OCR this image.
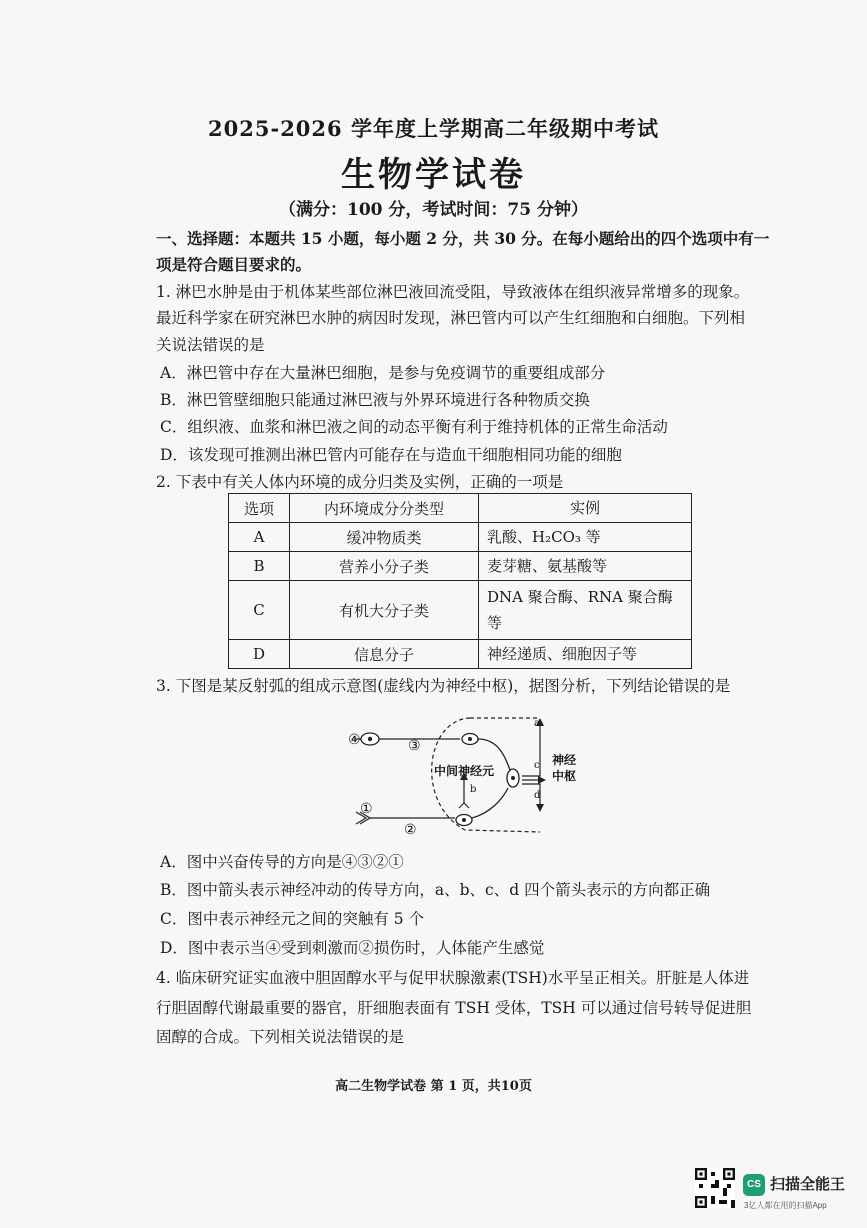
2025-2026 学年度上学期高二年级期中考试
生物学试卷
（满分：100 分，考试时间：75 分钟）
一、选择题：本题共 15 小题，每小题 2 分，共 30 分。在每小题给出的四个选项中有一
项是符合题目要求的。
1. 淋巴水肿是由于机体某些部位淋巴液回流受阻，导致液体在组织液异常增多的现象。
最近科学家在研究淋巴水肿的病因时发现，淋巴管内可以产生红细胞和白细胞。下列相
关说法错误的是
A．淋巴管中存在大量淋巴细胞，是参与免疫调节的重要组成部分
B．淋巴管壁细胞只能通过淋巴液与外界环境进行各种物质交换
C．组织液、血浆和淋巴液之间的动态平衡有利于维持机体的正常生命活动
D．该发现可推测出淋巴管内可能存在与造血干细胞相同功能的细胞
2. 下表中有关人体内环境的成分归类及实例，正确的一项是
选项	内环境成分分类型	实例
A	缓冲物质类	乳酸、H₂CO₃ 等
B	营养小分子类	麦芽糖、氨基酸等
C	有机大分子类	DNA 聚合酶、RNA 聚合酶等
D	信息分子	神经递质、细胞因子等
3. 下图是某反射弧的组成示意图(虚线内为神经中枢)，据图分析，下列结论错误的是
④	③
①
②
a
b
c
d
中间神经元
神经
中枢
A．图中兴奋传导的方向是④③②①
B．图中箭头表示神经冲动的传导方向，a、b、c、d 四个箭头表示的方向都正确
C．图中表示神经元之间的突触有 5 个
D．图中表示当④受到刺激而②损伤时，人体能产生感觉
4. 临床研究证实血液中胆固醇水平与促甲状腺激素(TSH)水平呈正相关。肝脏是人体进
行胆固醇代谢最重要的器官，肝细胞表面有 TSH 受体，TSH 可以通过信号转导促进胆
固醇的合成。下列相关说法错误的是
高二生物学试卷 第 1 页，共10页
CS 扫描全能王
3亿人都在用的扫描App
